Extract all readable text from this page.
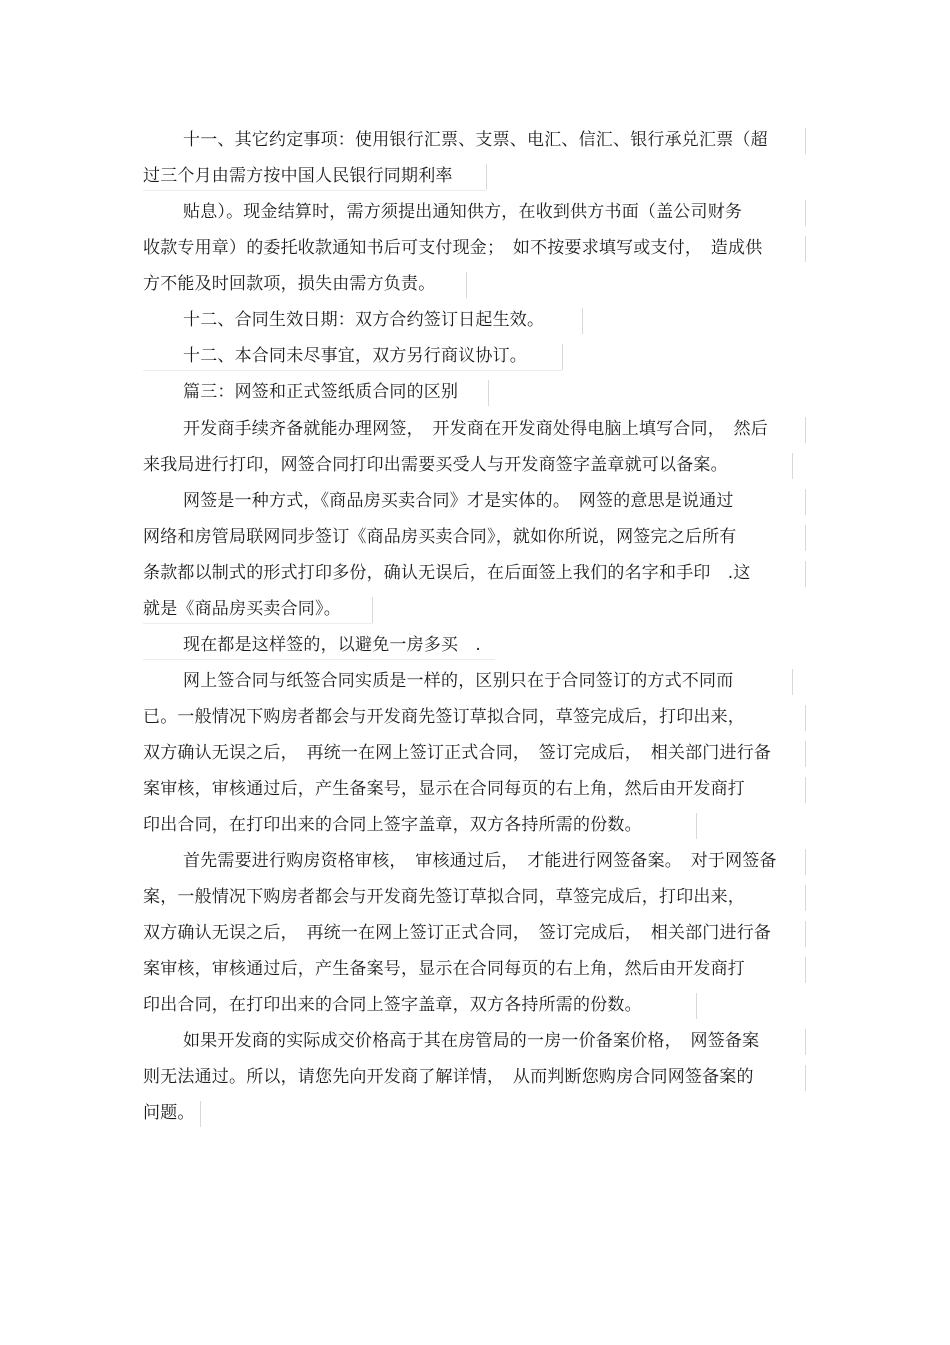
十一、其它约定事项：使用银行汇票、支票、电汇、信汇、银行承兑汇票（超
过三个月由需方按中国人民银行同期利率
贴息）。现金结算时，需方须提出通知供方，在收到供方书面（盖公司财务
收款专用章）的委托收款通知书后可支付现金；　如不按要求填写或支付，　造成供
方不能及时回款项，损失由需方负责。
十二、合同生效日期：双方合约签订日起生效。
十二、本合同未尽事宜，双方另行商议协订。
篇三：网签和正式签纸质合同的区别
开发商手续齐备就能办理网签，　开发商在开发商处得电脑上填写合同，　然后
来我局进行打印，网签合同打印出需要买受人与开发商签字盖章就可以备案。
网签是一种方式，《商品房买卖合同》才是实体的。　网签的意思是说通过
网络和房管局联网同步签订《商品房买卖合同》，就如你所说，网签完之后所有
条款都以制式的形式打印多份，确认无误后，在后面签上我们的名字和手印　.这
就是《商品房买卖合同》。
现在都是这样签的，以避免一房多买　.
网上签合同与纸签合同实质是一样的，区别只在于合同签订的方式不同而
已。一般情况下购房者都会与开发商先签订草拟合同，草签完成后，打印出来，
双方确认无误之后，　再统一在网上签订正式合同，　签订完成后，　相关部门进行备
案审核，审核通过后，产生备案号，显示在合同每页的右上角，然后由开发商打
印出合同，在打印出来的合同上签字盖章，双方各持所需的份数。
首先需要进行购房资格审核，　审核通过后，　才能进行网签备案。　对于网签备
案，一般情况下购房者都会与开发商先签订草拟合同，草签完成后，打印出来，
双方确认无误之后，　再统一在网上签订正式合同，　签订完成后，　相关部门进行备
案审核，审核通过后，产生备案号，显示在合同每页的右上角，然后由开发商打
印出合同，在打印出来的合同上签字盖章，双方各持所需的份数。
如果开发商的实际成交价格高于其在房管局的一房一价备案价格，　网签备案
则无法通过。所以，请您先向开发商了解详情，　从而判断您购房合同网签备案的
问题。
